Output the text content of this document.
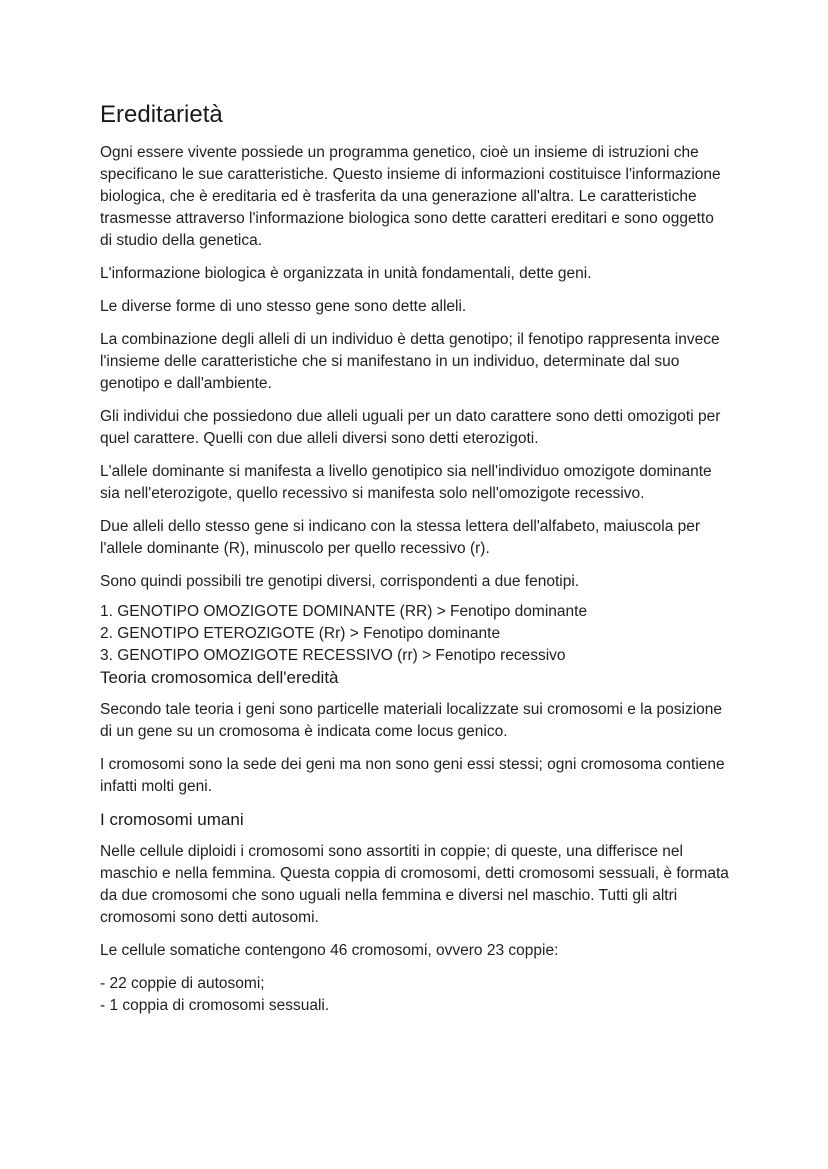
Ereditarietà

Ogni essere vivente possiede un programma genetico, cioè un insieme di istruzioni che specificano le sue caratteristiche. Questo insieme di informazioni costituisce l'informazione biologica, che è ereditaria ed è trasferita da una generazione all'altra. Le caratteristiche trasmesse attraverso l'informazione biologica sono dette caratteri ereditari e sono oggetto di studio della genetica.

L'informazione biologica è organizzata in unità fondamentali, dette geni.

Le diverse forme di uno stesso gene sono dette alleli.

La combinazione degli alleli di un individuo è detta genotipo; il fenotipo rappresenta invece l'insieme delle caratteristiche che si manifestano in un individuo, determinate dal suo genotipo e dall'ambiente.

Gli individui che possiedono due alleli uguali per un dato carattere sono detti omozigoti per quel carattere. Quelli con due alleli diversi sono detti eterozigoti.

L'allele dominante si manifesta a livello genotipico sia nell'individuo omozigote dominante sia nell'eterozigote, quello recessivo si manifesta solo nell'omozigote recessivo.

Due alleli dello stesso gene si indicano con la stessa lettera dell'alfabeto, maiuscola per l'allele dominante (R), minuscolo per quello recessivo (r).

Sono quindi possibili tre genotipi diversi, corrispondenti a due fenotipi.

1. GENOTIPO OMOZIGOTE DOMINANTE (RR) > Fenotipo dominante
2. GENOTIPO ETEROZIGOTE (Rr) > Fenotipo dominante
3. GENOTIPO OMOZIGOTE RECESSIVO (rr) > Fenotipo recessivo
Teoria cromosomica dell'eredità

Secondo tale teoria i geni sono particelle materiali localizzate sui cromosomi e la posizione di un gene su un cromosoma è indicata come locus genico.

I cromosomi sono la sede dei geni ma non sono geni essi stessi; ogni cromosoma contiene infatti molti geni.

I cromosomi umani

Nelle cellule diploidi i cromosomi sono assortiti in coppie; di queste, una differisce nel maschio e nella femmina. Questa coppia di cromosomi, detti cromosomi sessuali, è formata da due cromosomi che sono uguali nella femmina e diversi nel maschio. Tutti gli altri cromosomi sono detti autosomi.

Le cellule somatiche contengono 46 cromosomi, ovvero 23 coppie:

- 22 coppie di autosomi;
- 1 coppia di cromosomi sessuali.
